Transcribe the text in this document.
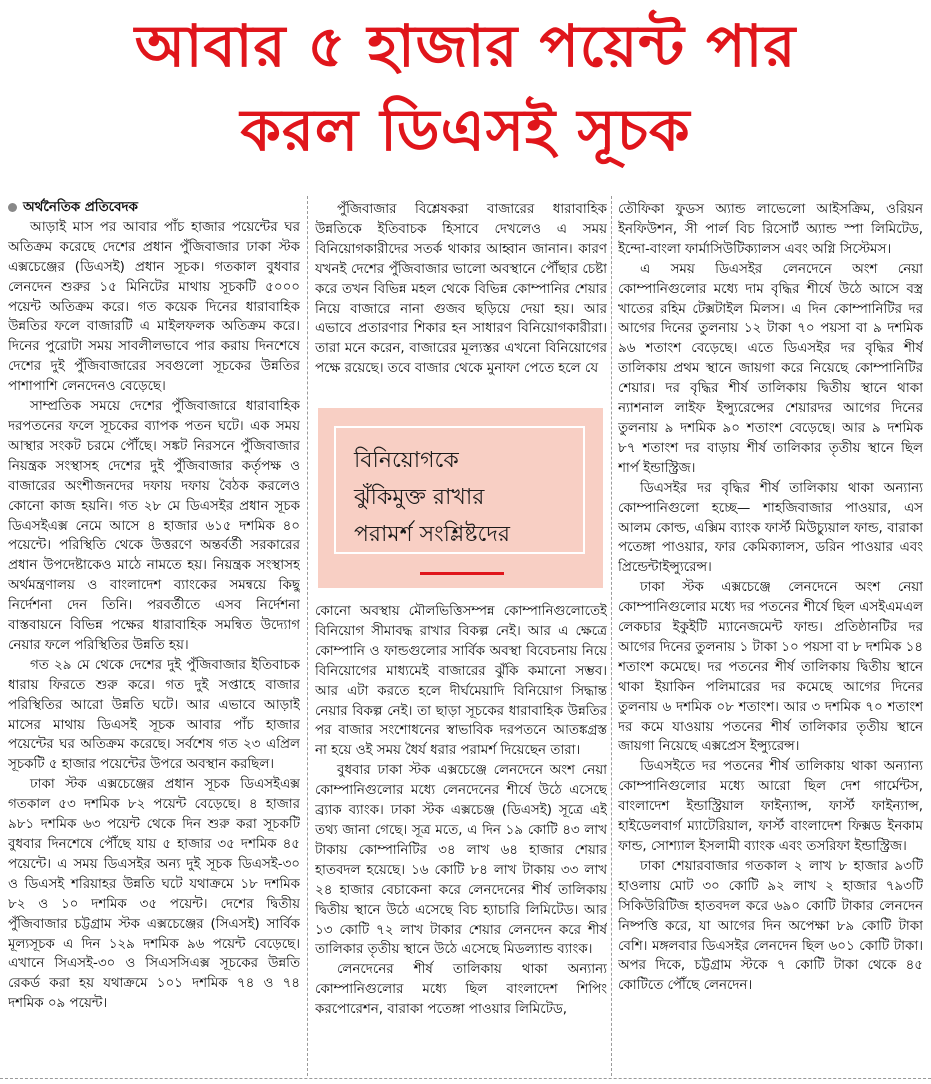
আবার ৫ হাজার পয়েন্ট পার
করল ডিএসই সূচক

অর্থনৈতিক প্রতিবেদক

আড়াই মাস পর আবার পাঁচ হাজার পয়েন্টের ঘর অতিক্রম করেছে দেশের প্রধান পুঁজিবাজার ঢাকা স্টক এক্সচেঞ্জের (ডিএসই) প্রধান সূচক। গতকাল বুধবার লেনদেন শুরুর ১৫ মিনিটের মাথায় সূচকটি ৫০০০ পয়েন্ট অতিক্রম করে। গত কয়েক দিনের ধারাবাহিক উন্নতির ফলে বাজারটি এ মাইলফলক অতিক্রম করে। দিনের পুরোটা সময় সাবলীলভাবে পার করায় দিনশেষে দেশের দুই পুঁজিবাজারের সবগুলো সূচকের উন্নতির পাশাপাশি লেনদেনও বেড়েছে।

সাম্প্রতিক সময়ে দেশের পুঁজিবাজারে ধারাবাহিক দরপতনের ফলে সূচকের ব্যাপক পতন ঘটে। এক সময় আস্থার সংকট চরমে পৌঁছে। সঙ্কট নিরসনে পুঁজিবাজার নিয়ন্ত্রক সংস্থাসহ দেশের দুই পুঁজিবাজার কর্তৃপক্ষ ও বাজারের অংশীজনদের দফায় দফায় বৈঠক করলেও কোনো কাজ হয়নি। গত ২৮ মে ডিএসইর প্রধান সূচক ডিএসইএক্স নেমে আসে ৪ হাজার ৬১৫ দশমিক ৪০ পয়েন্টে। পরিস্থিতি থেকে উত্তরণে অন্তর্বর্তী সরকারের প্রধান উপদেষ্টাকেও মাঠে নামতে হয়। নিয়ন্ত্রক সংস্থাসহ অর্থমন্ত্রণালয় ও বাংলাদেশ ব্যাংকের সমন্বয়ে কিছু নির্দেশনা দেন তিনি। পরবর্তীতে এসব নির্দেশনা বাস্তবায়নে বিভিন্ন পক্ষের ধারাবাহিক সমন্বিত উদ্যোগ নেয়ার ফলে পরিস্থিতির উন্নতি হয়।

গত ২৯ মে থেকে দেশের দুই পুঁজিবাজার ইতিবাচক ধারায় ফিরতে শুরু করে। গত দুই সপ্তাহে বাজার পরিস্থিতির আরো উন্নতি ঘটে। আর এভাবে আড়াই মাসের মাথায় ডিএসই সূচক আবার পাঁচ হাজার পয়েন্টের ঘর অতিক্রম করেছে। সর্বশেষ গত ২৩ এপ্রিল সূচকটি ৫ হাজার পয়েন্টের উপরে অবস্থান করছিল।

ঢাকা স্টক এক্সচেঞ্জের প্রধান সূচক ডিএসইএক্স গতকাল ৫৩ দশমিক ৮২ পয়েন্ট বেড়েছে। ৪ হাজার ৯৮১ দশমিক ৬৩ পয়েন্ট থেকে দিন শুরু করা সূচকটি বুধবার দিনশেষে পৌঁছে যায় ৫ হাজার ৩৫ দশমিক ৪৫ পয়েন্টে। এ সময় ডিএসইর অন্য দুই সূচক ডিএসই-৩০ ও ডিএসই শরিয়াহর উন্নতি ঘটে যথাক্রমে ১৮ দশমিক ৮২ ও ১০ দশমিক ৩৫ পয়েন্ট। দেশের দ্বিতীয় পুঁজিবাজার চট্টগ্রাম স্টক এক্সচেঞ্জের (সিএসই) সার্বিক মূল্যসূচক এ দিন ১২৯ দশমিক ৯৬ পয়েন্ট বেড়েছে। এখানে সিএসই-৩০ ও সিএসসিএক্স সূচকের উন্নতি রেকর্ড করা হয় যথাক্রমে ১০১ দশমিক ৭৪ ও ৭৪ দশমিক ০৯ পয়েন্ট।

পুঁজিবাজার বিশ্লেষকরা বাজারের ধারাবাহিক উন্নতিকে ইতিবাচক হিসাবে দেখলেও এ সময় বিনিয়োগকারীদের সতর্ক থাকার আহ্বান জানান। কারণ যখনই দেশের পুঁজিবাজার ভালো অবস্থানে পৌঁছার চেষ্টা করে তখন বিভিন্ন মহল থেকে বিভিন্ন কোম্পানির শেয়ার নিয়ে বাজারে নানা গুজব ছড়িয়ে দেয়া হয়। আর এভাবে প্রতারণার শিকার হন সাধারণ বিনিয়োগকারীরা। তারা মনে করেন, বাজারের মূল্যস্তর এখনো বিনিয়োগের পক্ষে রয়েছে। তবে বাজার থেকে মুনাফা পেতে হলে যে

বিনিয়োগকে
ঝুঁকিমুক্ত রাখার
পরামর্শ সংশ্লিষ্টদের

কোনো অবস্থায় মৌলভিত্তিসম্পন্ন কোম্পানিগুলোতেই বিনিয়োগ সীমাবদ্ধ রাখার বিকল্প নেই। আর এ ক্ষেত্রে কোম্পানি ও ফান্ডগুলোর সার্বিক অবস্থা বিবেচনায় নিয়ে বিনিয়োগের মাধ্যমেই বাজারের ঝুঁকি কমানো সম্ভব। আর এটা করতে হলে দীর্ঘমেয়াদি বিনিয়োগ সিদ্ধান্ত নেয়ার বিকল্প নেই। তা ছাড়া সূচকের ধারাবাহিক উন্নতির পর বাজার সংশোধনের স্বাভাবিক দরপতনে আতঙ্কগ্রস্ত না হয়ে ওই সময় ধৈর্য ধরার পরামর্শ দিয়েছেন তারা।

বুধবার ঢাকা স্টক এক্সচেঞ্জে লেনদেনে অংশ নেয়া কোম্পানিগুলোর মধ্যে লেনদেনের শীর্ষে উঠে এসেছে ব্র্যাক ব্যাংক। ঢাকা স্টক এক্সচেঞ্জ (ডিএসই) সূত্রে এই তথ্য জানা গেছে। সূত্র মতে, এ দিন ১৯ কোটি ৪৩ লাখ টাকায় কোম্পানিটির ৩৪ লাখ ৬৪ হাজার শেয়ার হাতবদল হয়েছে। ১৬ কোটি ৮৪ লাখ টাকায় ৩৩ লাখ ২৪ হাজার বেচাকেনা করে লেনদেনের শীর্ষ তালিকায় দ্বিতীয় স্থানে উঠে এসেছে বিচ হ্যাচারি লিমিটেড। আর ১৩ কোটি ৭২ লাখ টাকার শেয়ার লেনদেন করে শীর্ষ তালিকার তৃতীয় স্থানে উঠে এসেছে মিডল্যান্ড ব্যাংক।

লেনদেনের শীর্ষ তালিকায় থাকা অন্যান্য কোম্পানিগুলোর মধ্যে ছিল বাংলাদেশ শিপিং করপোরেশন, বারাকা পতেঙ্গা পাওয়ার লিমিটেড,

তৌফিকা ফুডস অ্যান্ড লাভেলো আইসক্রিম, ওরিয়ন ইনফিউশন, সী পার্ল বিচ রিসোর্ট অ্যান্ড স্পা লিমিটেড, ইন্দো-বাংলা ফার্মাসিউটিক্যালস এবং অগ্নি সিস্টেমস।

এ সময় ডিএসইর লেনদেনে অংশ নেয়া কোম্পানিগুলোর মধ্যে দাম বৃদ্ধির শীর্ষে উঠে আসে বস্ত্র খাতের রহিম টেক্সটাইল মিলস। এ দিন কোম্পানিটির দর আগের দিনের তুলনায় ১২ টাকা ৭০ পয়সা বা ৯ দশমিক ৯৬ শতাংশ বেড়েছে। এতে ডিএসইর দর বৃদ্ধির শীর্ষ তালিকায় প্রথম স্থানে জায়গা করে নিয়েছে কোম্পানিটির শেয়ার। দর বৃদ্ধির শীর্ষ তালিকায় দ্বিতীয় স্থানে থাকা ন্যাশনাল লাইফ ইন্স্যুরেন্সের শেয়ারদর আগের দিনের তুলনায় ৯ দশমিক ৯০ শতাংশ বেড়েছে। আর ৯ দশমিক ৮৭ শতাংশ দর বাড়ায় শীর্ষ তালিকার তৃতীয় স্থানে ছিল শার্প ইন্ডাস্ট্রিজ।

ডিএসইর দর বৃদ্ধির শীর্ষ তালিকায় থাকা অন্যান্য কোম্পানিগুলো হচ্ছে— শাহজিবাজার পাওয়ার, এস আলম কোল্ড, এক্সিম ব্যাংক ফার্স্ট মিউচ্যুয়াল ফান্ড, বারাকা পতেঙ্গা পাওয়ার, ফার কেমিক্যালস, ডরিন পাওয়ার এবং প্রিন্ডেন্টাইন্স্যুরেন্স।

ঢাকা স্টক এক্সচেঞ্জে লেনদেনে অংশ নেয়া কোম্পানিগুলোর মধ্যে দর পতনের শীর্ষে ছিল এসইএমএল লেকচার ইকুইটি ম্যানেজমেন্ট ফান্ড। প্রতিষ্ঠানটির দর আগের দিনের তুলনায় ১ টাকা ১০ পয়সা বা ৮ দশমিক ১৪ শতাংশ কমেছে। দর পতনের শীর্ষ তালিকায় দ্বিতীয় স্থানে থাকা ইয়াকিন পলিমারের দর কমেছে আগের দিনের তুলনায় ৬ দশমিক ০৮ শতাংশ। আর ৩ দশমিক ৭০ শতাংশ দর কমে যাওয়ায় পতনের শীর্ষ তালিকার তৃতীয় স্থানে জায়গা নিয়েছে এক্সপ্রেস ইন্স্যুরেন্স।

ডিএসইতে দর পতনের শীর্ষ তালিকায় থাকা অন্যান্য কোম্পানিগুলোর মধ্যে আরো ছিল দেশ গার্মেন্টস, বাংলাদেশ ইন্ডাস্ট্রিয়াল ফাইন্যান্স, ফার্স্ট ফাইন্যান্স, হাইডেলবার্গ ম্যাটেরিয়াল, ফার্স্ট বাংলাদেশ ফিক্সড ইনকাম ফান্ড, সোশ্যাল ইসলামী ব্যাংক এবং তসরিফা ইন্ডাস্ট্রিজ।

ঢাকা শেয়ারবাজার গতকাল ২ লাখ ৮ হাজার ৯৩টি হাওলায় মোট ৩০ কোটি ৯২ লাখ ২ হাজার ৭৯৩টি সিকিউরিটিজ হাতবদল করে ৬৯০ কোটি টাকার লেনদেন নিষ্পত্তি করে, যা আগের দিন অপেক্ষা ৮৯ কোটি টাকা বেশি। মঙ্গলবার ডিএসইর লেনদেন ছিল ৬০১ কোটি টাকা। অপর দিকে, চট্টগ্রাম স্টকে ৭ কোটি টাকা থেকে ৪৫ কোটিতে পৌঁছে লেনদেন।
